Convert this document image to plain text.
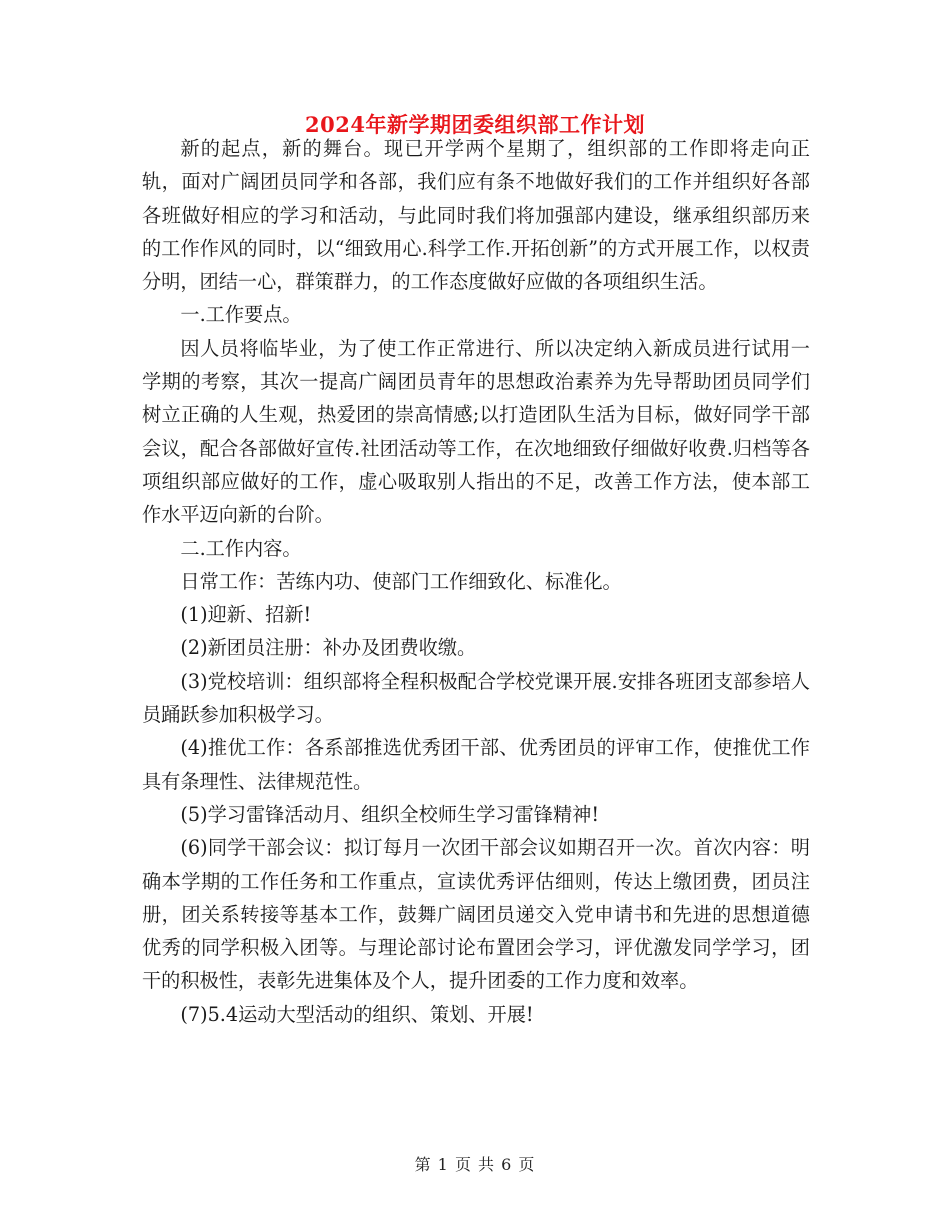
2024年新学期团委组织部工作计划

新的起点，新的舞台。现已开学两个星期了，组织部的工作即将走向正轨，面对广阔团员同学和各部，我们应有条不地做好我们的工作并组织好各部各班做好相应的学习和活动，与此同时我们将加强部内建设，继承组织部历来的工作作风的同时，以“细致用心.科学工作.开拓创新”的方式开展工作，以权责分明，团结一心，群策群力，的工作态度做好应做的各项组织生活。

一.工作要点。

因人员将临毕业，为了使工作正常进行、所以决定纳入新成员进行试用一学期的考察，其次一提高广阔团员青年的思想政治素养为先导帮助团员同学们树立正确的人生观，热爱团的崇高情感;以打造团队生活为目标，做好同学干部会议，配合各部做好宣传.社团活动等工作，在次地细致仔细做好收费.归档等各项组织部应做好的工作，虚心吸取别人指出的不足，改善工作方法，使本部工作水平迈向新的台阶。

二.工作内容。

日常工作：苦练内功、使部门工作细致化、标准化。

(1)迎新、招新!

(2)新团员注册：补办及团费收缴。

(3)党校培训：组织部将全程积极配合学校党课开展.安排各班团支部参培人员踊跃参加积极学习。

(4)推优工作：各系部推选优秀团干部、优秀团员的评审工作，使推优工作具有条理性、法律规范性。

(5)学习雷锋活动月、组织全校师生学习雷锋精神!

(6)同学干部会议：拟订每月一次团干部会议如期召开一次。首次内容：明确本学期的工作任务和工作重点，宣读优秀评估细则，传达上缴团费，团员注册，团关系转接等基本工作，鼓舞广阔团员递交入党申请书和先进的思想道德优秀的同学积极入团等。与理论部讨论布置团会学习，评优激发同学学习，团干的积极性，表彰先进集体及个人，提升团委的工作力度和效率。

(7)5.4运动大型活动的组织、策划、开展!

第 1 页 共 6 页
